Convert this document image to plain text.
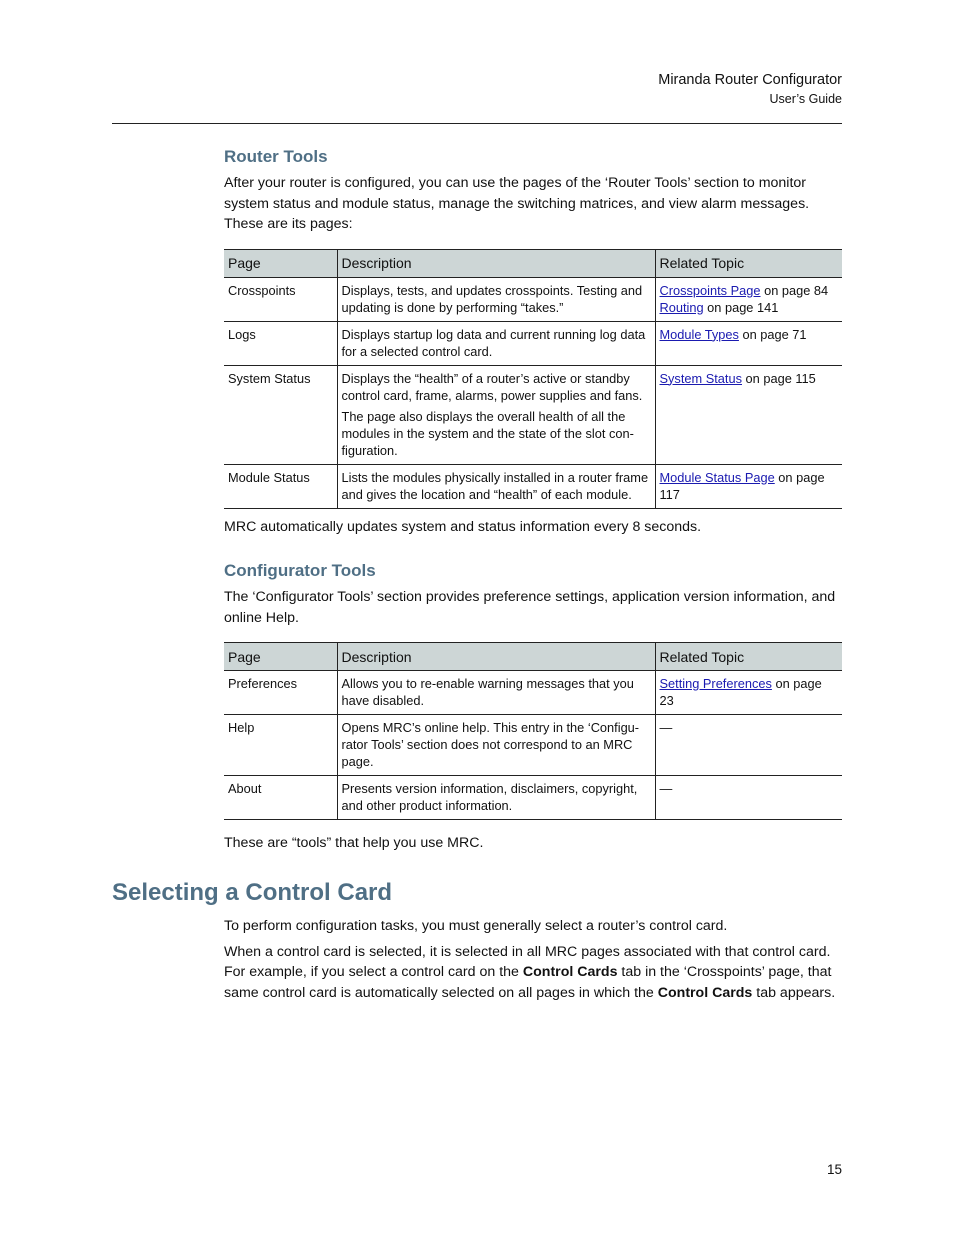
Miranda Router Configurator
User’s Guide
Router Tools

After your router is configured, you can use the pages of the ‘Router Tools’ section to monitor system status and module status, manage the switching matrices, and view alarm messages. These are its pages:

Page	Description	Related Topic
Crosspoints	Displays, tests, and updates crosspoints. Testing and updating is done by performing “takes.”	Crosspoints Page on page 84
Routing on page 141

Logs	Displays startup log data and current running log data for a selected control card.	Module Types on page 71

System Status	Displays the “health” of a router’s active or standby control card, frame, alarms, power supplies and fans.
The page also displays the overall health of all the modules in the system and the state of the slot con-figuration.	System Status on page 115

Module Status	Lists the modules physically installed in a router frame and gives the location and “health” of each module.	Module Status Page on page 117

MRC automatically updates system and status information every 8 seconds.

Configurator Tools

The ‘Configurator Tools’ section provides preference settings, application version information, and online Help.

Page	Description	Related Topic
Preferences	Allows you to re-enable warning messages that you have disabled.	Setting Preferences on page 23

Help	Opens MRC’s online help. This entry in the ‘Configu-rator Tools’ section does not correspond to an MRC page.	—

About	Presents version information, disclaimers, copyright, and other product information.	—

These are “tools” that help you use MRC.

Selecting a Control Card

To perform configuration tasks, you must generally select a router’s control card.

When a control card is selected, it is selected in all MRC pages associated with that control card. For example, if you select a control card on the Control Cards tab in the ‘Crosspoints’ page, that same control card is automatically selected on all pages in which the Control Cards tab appears.

15
